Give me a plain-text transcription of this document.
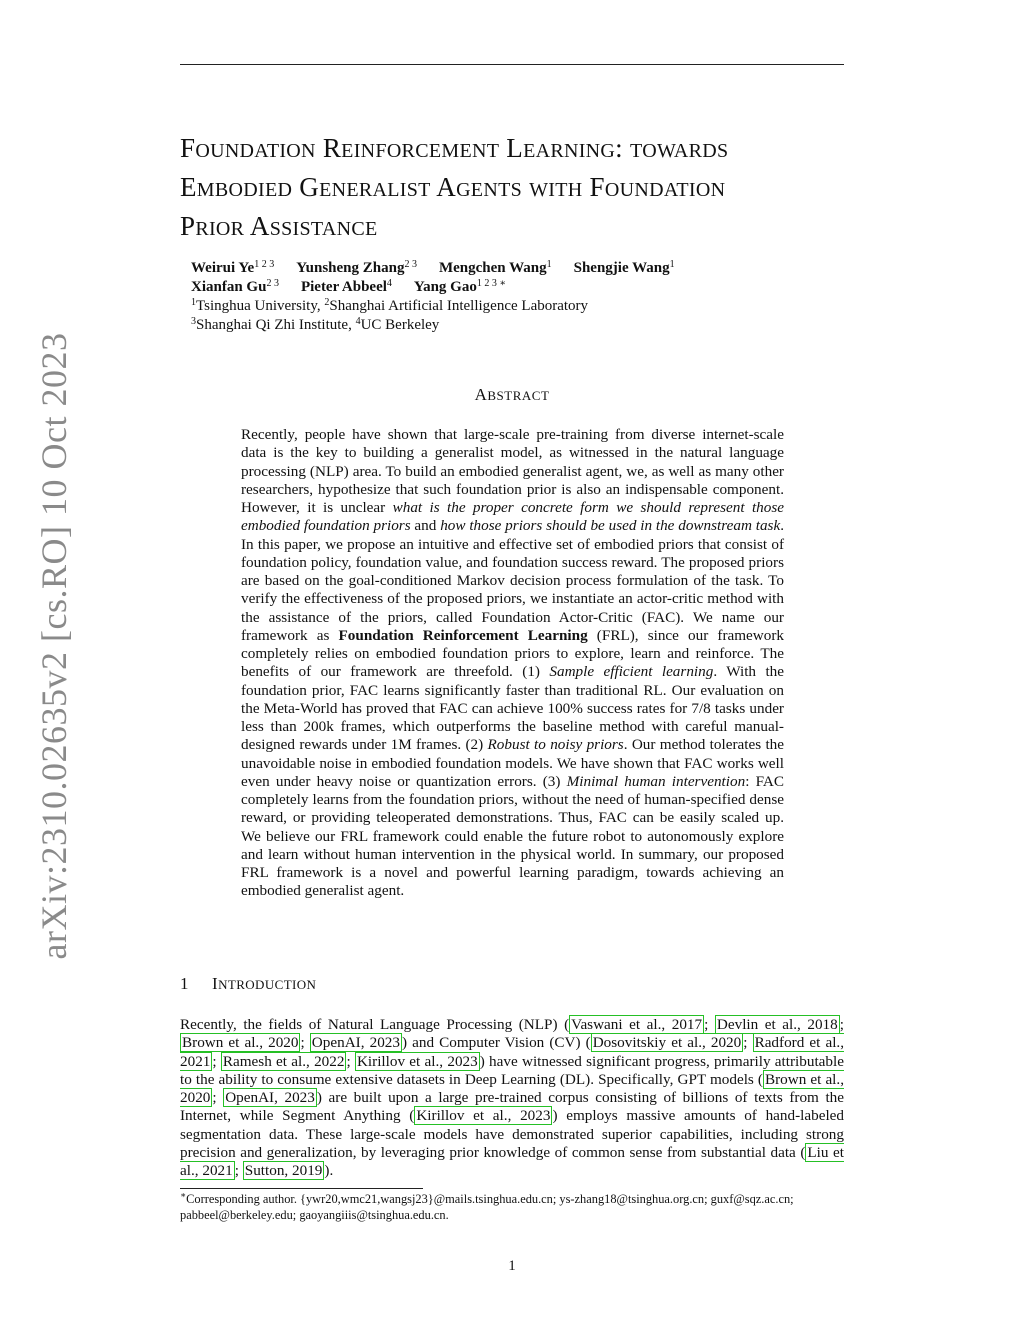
arXiv:2310.02635v2 [cs.RO] 10 Oct 2023

FOUNDATION REINFORCEMENT LEARNING: TOWARDS

EMBODIED GENERALIST AGENTS WITH FOUNDATION

PRIOR ASSISTANCE

Weirui $Ye^{1 2 3}$ Yunsheng Zhang$^{2 3}$ Mengchen Wang$^1$ Shengjie Wang$^1$

Xianfan $Gu^{2 3}$ Pieter Abbeel$^4$ Yang Gao$^{1 2 3 ∗}$

$^1$Tsinghua University, $^2$Shanghai Artificial Intelligence Laboratory

$^3$Shanghai Qi Zhi Institute, $^4$UC Berkeley

ABSTRACT

Recently, people have shown that large-scale pre-training from diverse internet-scale data is the key to building a generalist model, as witnessed in the natural language processing (NLP) area. To build an embodied generalist agent, we, as well as many other researchers, hypothesize that such foundation prior is also an indispensable component. However, it is unclear what is the proper concrete form we should represent those embodied foundation priors and how those priors should be used in the downstream task. In this paper, we propose an intuitive and effective set of embodied priors that consist of foundation policy, foundation value, and foundation success reward. The proposed priors are based on the goal-conditioned Markov decision process formulation of the task. To verify the effectiveness of the proposed priors, we instantiate an actor-critic method with the assistance of the priors, called Foundation Actor-Critic (FAC). We name our framework as Foundation Reinforcement Learning (FRL), since our framework completely relies on embodied foundation priors to explore, learn and reinforce. The benefits of our framework are threefold. (1) Sample efficient learning. With the foundation prior, FAC learns significantly faster than traditional RL. Our evaluation on the Meta-World has proved that FAC can achieve 100% success rates for 7/8 tasks under less than 200k frames, which outperforms the baseline method with careful manual-designed rewards under 1M frames. (2) Robust to noisy priors. Our method tolerates the unavoidable noise in embodied foundation models. We have shown that FAC works well even under heavy noise or quantization errors. (3) Minimal human intervention: FAC completely learns from the foundation priors, without the need of human-specified dense reward, or providing teleoperated demonstrations. Thus, FAC can be easily scaled up. We believe our FRL framework could enable the future robot to autonomously explore and learn without human intervention in the physical world. In summary, our proposed FRL framework is a novel and powerful learning paradigm, towards achieving an embodied generalist agent.

1 INTRODUCTION

Recently, the fields of Natural Language Processing (NLP) ( Vaswani et al., 2017 ; Devlin et al., 2018 ; Brown et al., 2020 ; OpenAI, 2023 ) and Computer Vision (CV) ( Dosovitskiy et al., 2020 ; Radford et al., 2021 ; Ramesh et al., 2022 ; Kirillov et al., 2023 ) have witnessed significant progress, primarily attributable to the ability to consume extensive datasets in Deep Learning (DL). Specifically, GPT models ( Brown et al., 2020 ; OpenAI, 2023 ) are built upon a large pre-trained corpus consisting of billions of texts from the Internet, while Segment Anything ( Kirillov et al., 2023 ) employs massive amounts of hand-labeled segmentation data. These large-scale models have demonstrated superior capabilities, including strong precision and generalization, by leveraging prior knowledge of common sense from substantial data ( Liu et al., 2021 ; Sutton, 2019 ).

∗Corresponding author. {ywr20,wmc21,wangsj23}@mails.tsinghua.edu.cn; ys-zhang18@tsinghua.org.cn; guxf@sqz.ac.cn; pabbeel@berkeley.edu; gaoyangiiis@tsinghua.edu.cn.

1
